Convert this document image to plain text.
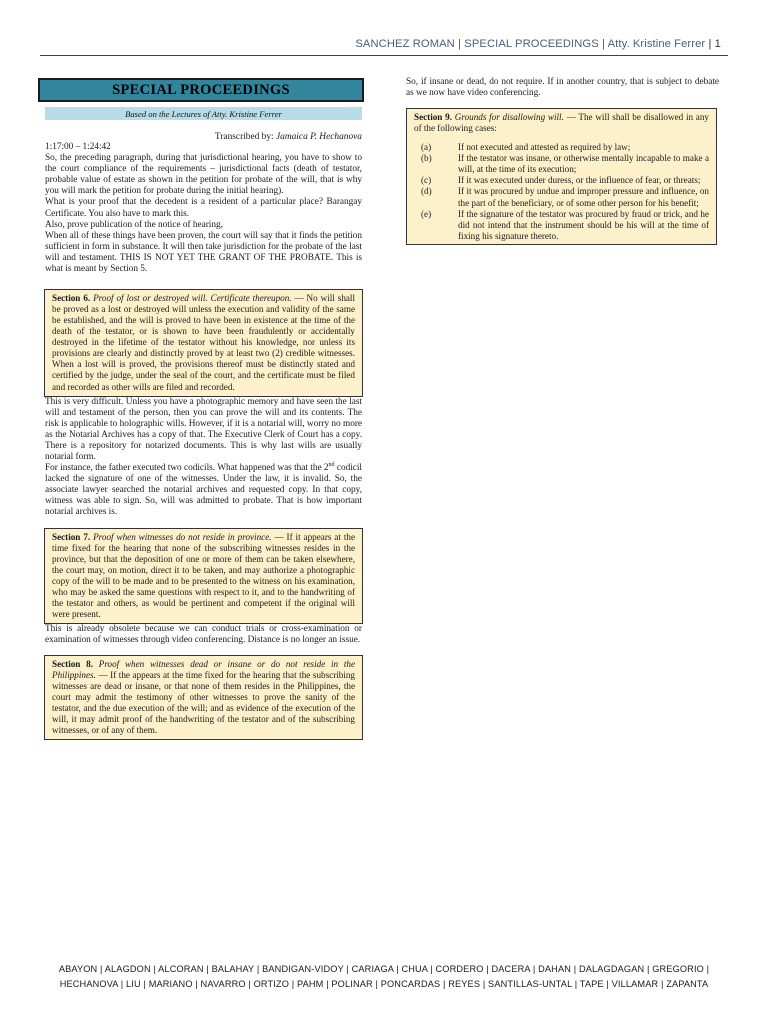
SANCHEZ ROMAN | SPECIAL PROCEEDINGS | Atty. Kristine Ferrer | 1
SPECIAL PROCEEDINGS
Based on the Lectures of Atty. Kristine Ferrer
Transcribed by: Jamaica P. Hechanova

1:17:00 – 1:24:42

So, the preceding paragraph, during that jurisdictional hearing, you have to show to the court compliance of the requirements – jurisdictional facts (death of testator, probable value of estate as shown in the petition for probate of the will, that is why you will mark the petition for probate during the initial hearing).

What is your proof that the decedent is a resident of a particular place? Barangay Certificate. You also have to mark this.

Also, prove publication of the notice of hearing,

When all of these things have been proven, the court will say that it finds the petition sufficient in form in substance. It will then take jurisdiction for the probate of the last will and testament. THIS IS NOT YET THE GRANT OF THE PROBATE. This is what is meant by Section 5.

Section 6. Proof of lost or destroyed will. Certificate thereupon. — No will shall be proved as a lost or destroyed will unless the execution and validity of the same be established, and the will is proved to have been in existence at the time of the death of the testator, or is shown to have been fraudulently or accidentally destroyed in the lifetime of the testator without his knowledge, nor unless its provisions are clearly and distinctly proved by at least two (2) credible witnesses. When a lost will is proved, the provisions thereof must be distinctly stated and certified by the judge, under the seal of the court, and the certificate must be filed and recorded as other wills are filed and recorded.

This is very difficult. Unless you have a photographic memory and have seen the last will and testament of the person, then you can prove the will and its contents. The risk is applicable to holographic wills. However, if it is a notarial will, worry no more as the Notarial Archives has a copy of that. The Executive Clerk of Court has a copy. There is a repository for notarized documents. This is why last wills are usually notarial form.

For instance, the father executed two codicils. What happened was that the 2nd codicil lacked the signature of one of the witnesses. Under the law, it is invalid. So, the associate lawyer searched the notarial archives and requested copy. In that copy, witness was able to sign. So, will was admitted to probate. That is how important notarial archives is.

Section 7. Proof when witnesses do not reside in province. — If it appears at the time fixed for the hearing that none of the subscribing witnesses resides in the province, but that the deposition of one or more of them can be taken elsewhere, the court may, on motion, direct it to be taken, and may authorize a photographic copy of the will to be made and to be presented to the witness on his examination, who may be asked the same questions with respect to it, and to the handwriting of the testator and others, as would be pertinent and competent if the original will were present.

This is already obsolete because we can conduct trials or cross-examination or examination of witnesses through video conferencing. Distance is no longer an issue.

Section 8. Proof when witnesses dead or insane or do not reside in the Philippines. — If the appears at the time fixed for the hearing that the subscribing witnesses are dead or insane, or that none of them resides in the Philippines, the court may admit the testimony of other witnesses to prove the sanity of the testator, and the due execution of the will; and as evidence of the execution of the will, it may admit proof of the handwriting of the testator and of the subscribing witnesses, or of any of them.

So, if insane or dead, do not require. If in another country, that is subject to debate as we now have video conferencing.

Section 9. Grounds for disallowing will. — The will shall be disallowed in any of the following cases:
(a)	If not executed and attested as required by law;
(b)	If the testator was insane, or otherwise mentally incapable to make a will, at the time of its execution;
(c)	If it was executed under duress, or the influence of fear, or threats;
(d)	If it was procured by undue and improper pressure and influence, on the part of the beneficiary, or of some other person for his benefit;
(e)	If the signature of the testator was procured by fraud or trick, and he did not intend that the instrument should be his will at the time of fixing his signature thereto.
ABAYON | ALAGDON | ALCORAN | BALAHAY | BANDIGAN-VIDOY | CARIAGA | CHUA | CORDERO | DACERA | DAHAN | DALAGDAGAN | GREGORIO |
HECHANOVA | LIU | MARIANO | NAVARRO | ORTIZO | PAHM | POLINAR | PONCARDAS | REYES | SANTILLAS-UNTAL | TAPE | VILLAMAR | ZAPANTA
